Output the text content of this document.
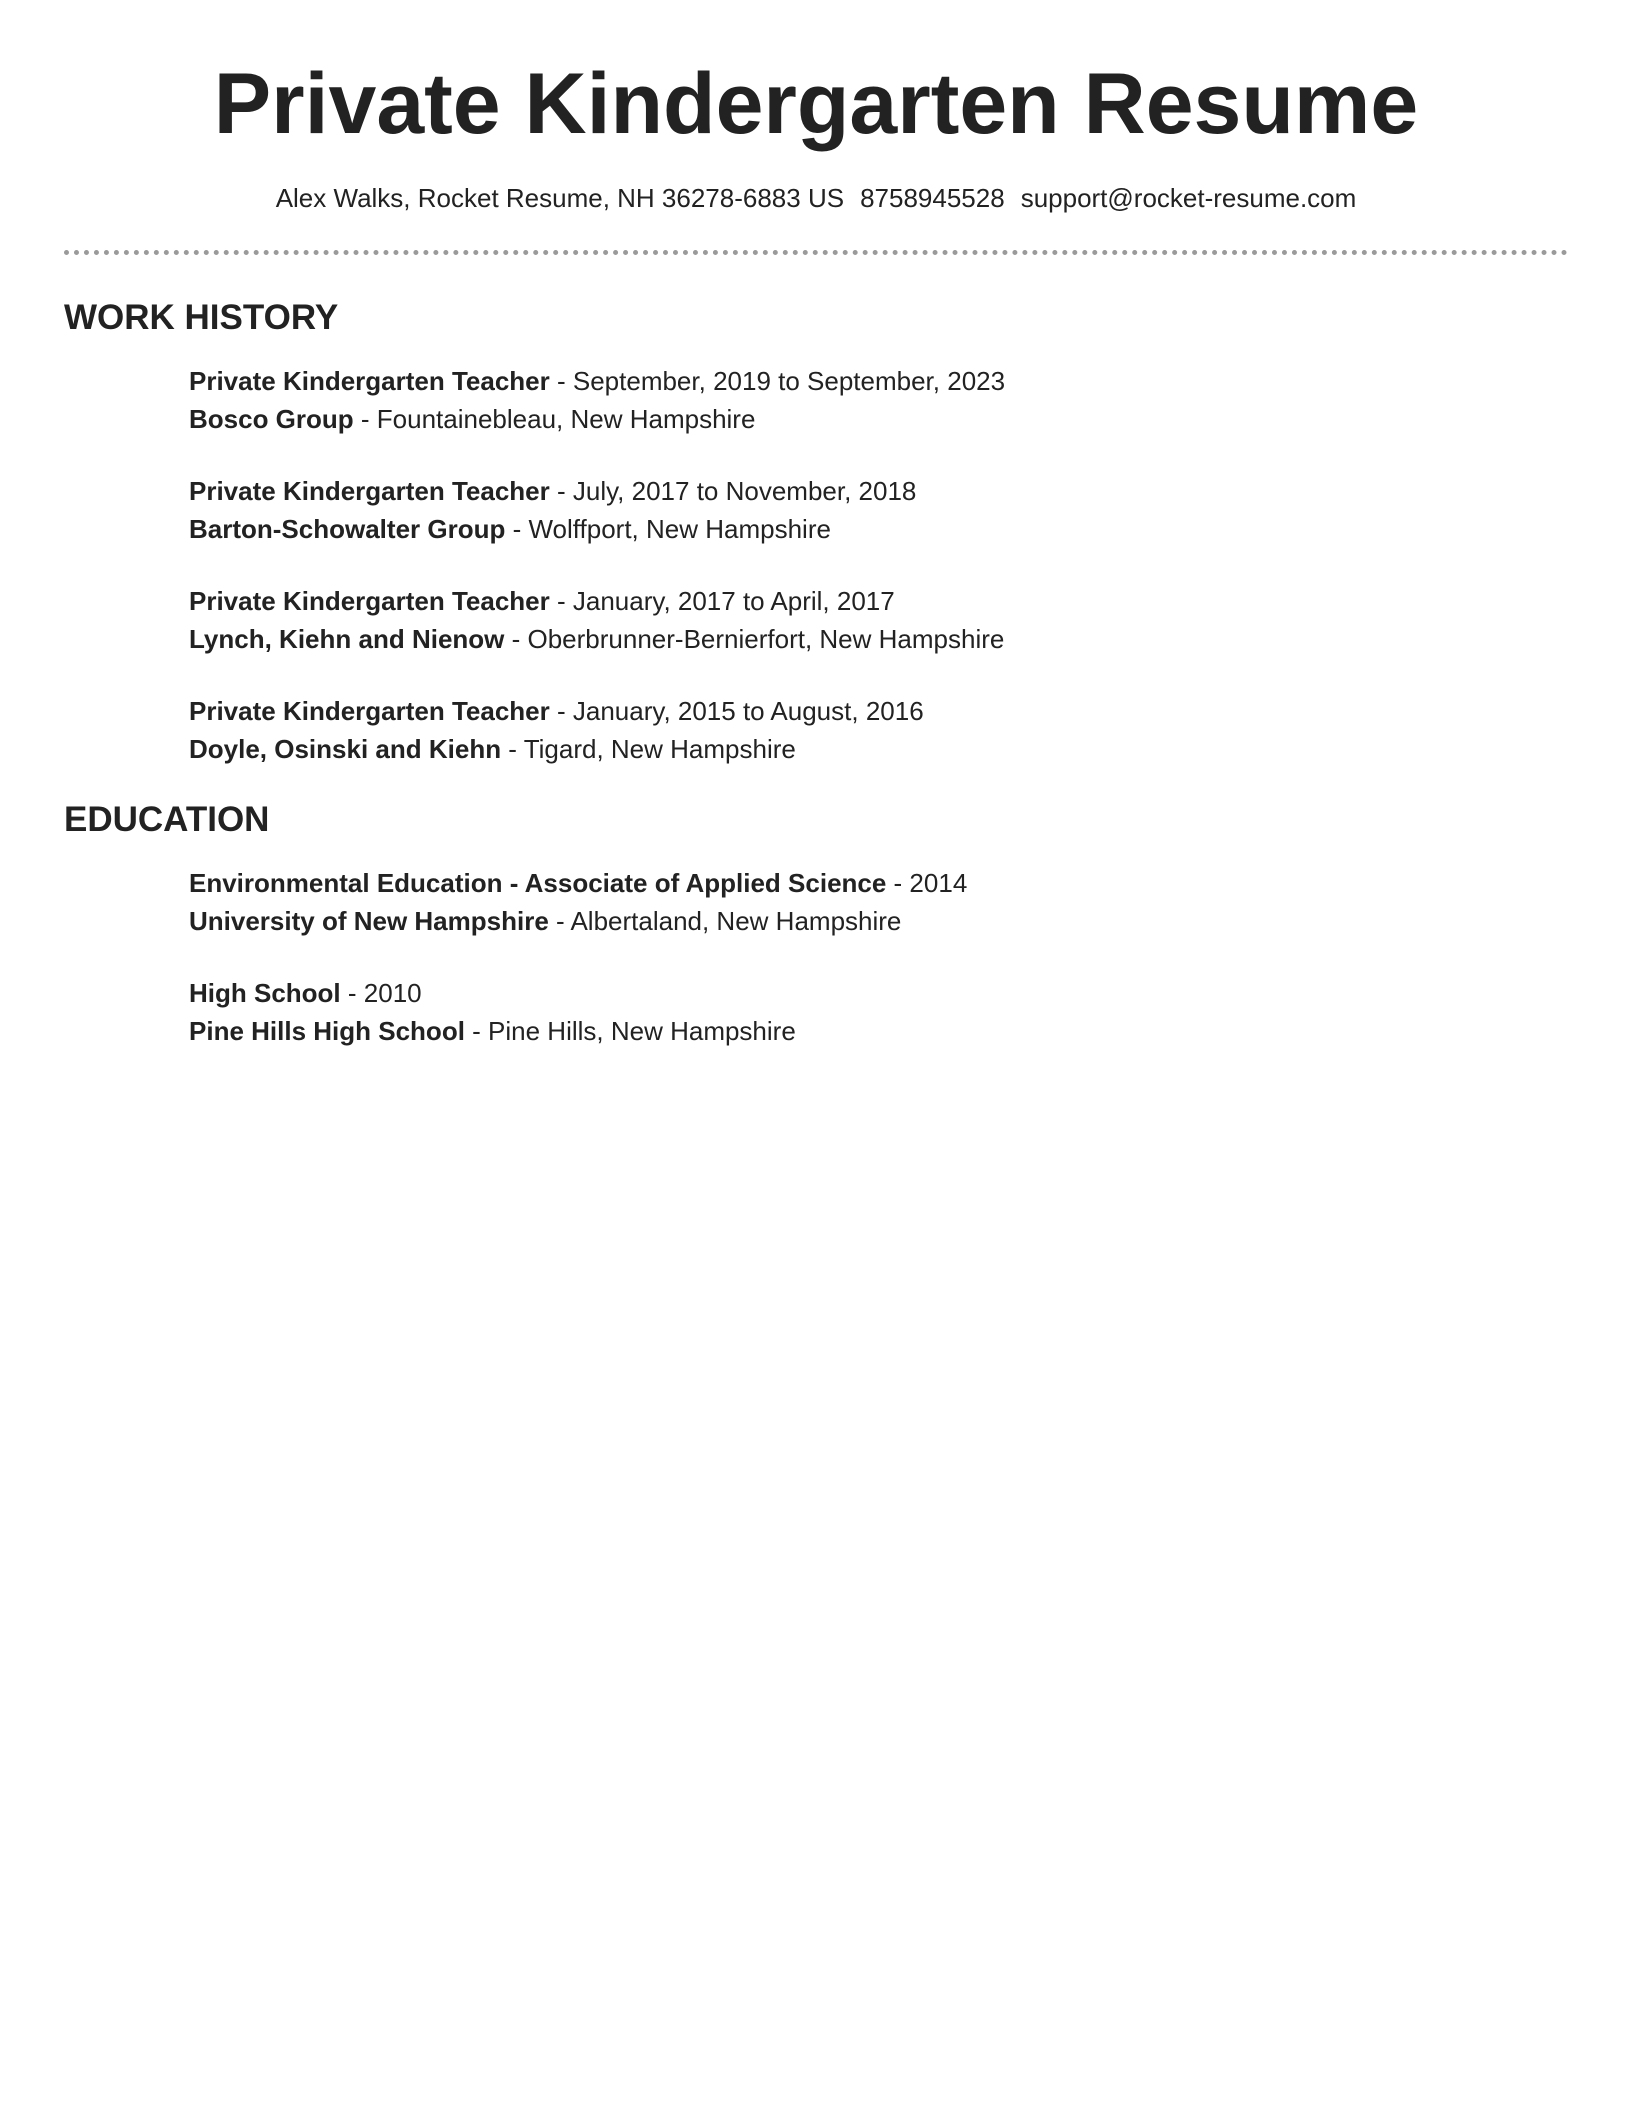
Private Kindergarten Resume
Alex Walks, Rocket Resume, NH 36278-6883 US 8758945528 support@rocket-resume.com
WORK HISTORY
Private Kindergarten Teacher - September, 2019 to September, 2023
Bosco Group - Fountainebleau, New Hampshire
Private Kindergarten Teacher - July, 2017 to November, 2018
Barton-Schowalter Group - Wolffport, New Hampshire
Private Kindergarten Teacher - January, 2017 to April, 2017
Lynch, Kiehn and Nienow - Oberbrunner-Bernierfort, New Hampshire
Private Kindergarten Teacher - January, 2015 to August, 2016
Doyle, Osinski and Kiehn - Tigard, New Hampshire
EDUCATION
Environmental Education - Associate of Applied Science - 2014
University of New Hampshire - Albertaland, New Hampshire
High School - 2010
Pine Hills High School - Pine Hills, New Hampshire
